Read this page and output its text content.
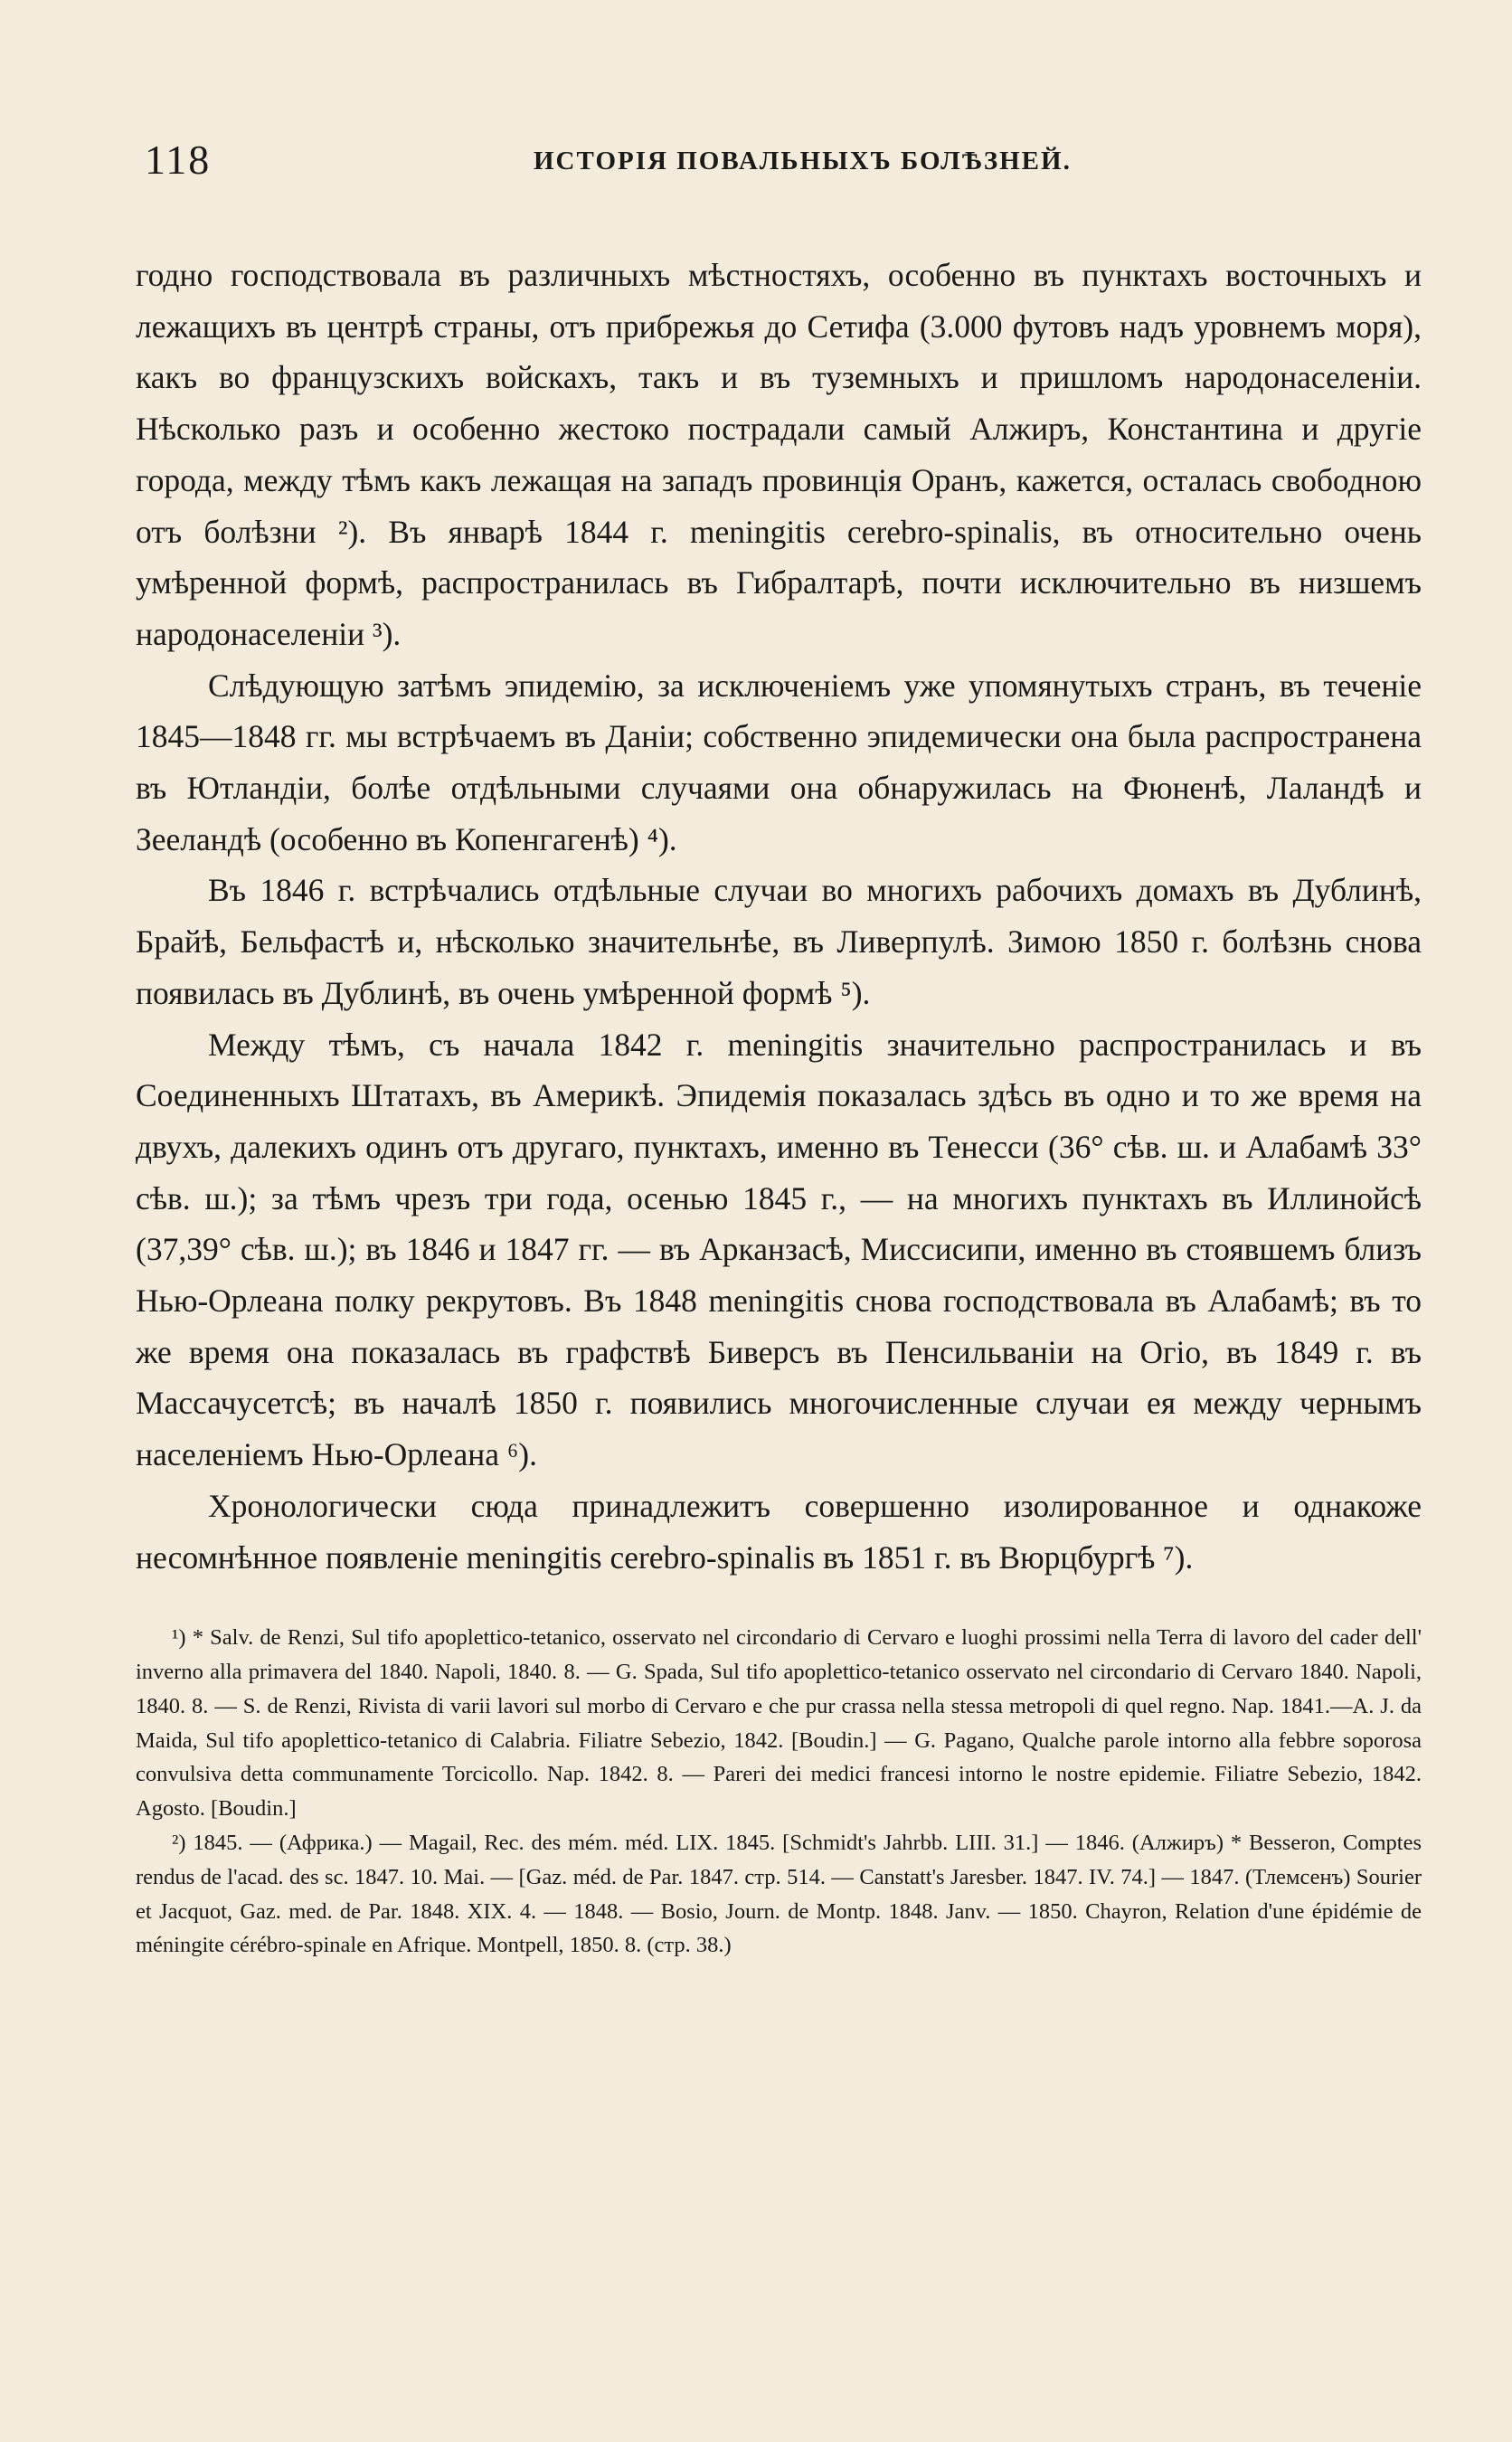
118	ИСТОРІЯ ПОВАЛЬНЫХЪ БОЛѢЗНЕЙ.

годно господствовала въ различныхъ мѣстностяхъ, особенно въ пунктахъ восточныхъ и лежащихъ въ центрѣ страны, отъ прибрежья до Сетифа (3.000 футовъ надъ уровнемъ моря), какъ во французскихъ войскахъ, такъ и въ туземныхъ и пришломъ народонаселеніи. Нѣсколько разъ и особенно жестоко пострадали самый Алжиръ, Константина и другіе города, между тѣмъ какъ лежащая на западъ провинція Оранъ, кажется, осталась свободною отъ болѣзни ²). Въ январѣ 1844 г. meningitis cerebro-spinalis, въ относительно очень умѣренной формѣ, распространилась въ Гибралтарѣ, почти исключительно въ низшемъ народонаселеніи ³).

Слѣдующую затѣмъ эпидемію, за исключеніемъ уже упомянутыхъ странъ, въ теченіе 1845—1848 гг. мы встрѣчаемъ въ Даніи; собственно эпидемически она была распространена въ Ютландіи, болѣе отдѣльными случаями она обнаружилась на Фюненѣ, Лаландѣ и Зееландѣ (особенно въ Копенгагенѣ) ⁴).

Въ 1846 г. встрѣчались отдѣльные случаи во многихъ рабочихъ домахъ въ Дублинѣ, Брайѣ, Бельфастѣ и, нѣсколько значительнѣе, въ Ливерпулѣ. Зимою 1850 г. болѣзнь снова появилась въ Дублинѣ, въ очень умѣренной формѣ ⁵).

Между тѣмъ, съ начала 1842 г. meningitis значительно распространилась и въ Соединенныхъ Штатахъ, въ Америкѣ. Эпидемія показалась здѣсь въ одно и то же время на двухъ, далекихъ одинъ отъ другаго, пунктахъ, именно въ Тенесси (36° сѣв. ш. и Алабамѣ 33° сѣв. ш.); за тѣмъ чрезъ три года, осенью 1845 г., — на многихъ пунктахъ въ Иллинойсѣ (37,39° сѣв. ш.); въ 1846 и 1847 гг. — въ Арканзасѣ, Миссисипи, именно въ стоявшемъ близъ Нью-Орлеана полку рекрутовъ. Въ 1848 meningitis снова господствовала въ Алабамѣ; въ то же время она показалась въ графствѣ Биверсъ въ Пенсильваніи на Огіо, въ 1849 г. въ Массачусетсѣ; въ началѣ 1850 г. появились многочисленные случаи ея между чернымъ населеніемъ Нью-Орлеана ⁶).

Хронологически сюда принадлежитъ совершенно изолированное и однакоже несомнѣнное появленіе meningitis cerebro-spinalis въ 1851 г. въ Вюрцбургѣ ⁷).

¹) * Salv. de Renzi, Sul tifo apoplettico-tetanico, osservato nel circondario di Cervaro e luoghi prossimi nella Terra di lavoro del cader dell' inverno alla primavera del 1840. Napoli, 1840. 8. — G. Spada, Sul tifo apoplettico-tetanico osservato nel circondario di Cervaro 1840. Napoli, 1840. 8. — S. de Renzi, Rivista di varii lavori sul morbo di Cervaro e che pur crassa nella stessa metropoli di quel regno. Nap. 1841.—A. J. da Maida, Sul tifo apoplettico-tetanico di Calabria. Filiatre Sebezio, 1842. [Boudin.] — G. Pagano, Qualche parole intorno alla febbre soporosa convulsiva detta communamente Torcicollo. Nap. 1842. 8. — Parerі dei medici francesi intorno le nostre epidemie. Filiatre Sebezio, 1842. Agosto. [Boudin.]

²) 1845. — (Африка.) — Magail, Rec. des mém. méd. LIX. 1845. [Schmidt's Jahrbb. LIII. 31.] — 1846. (Алжиръ) * Besseron, Comptes rendus de l'acad. des sc. 1847. 10. Mai. — [Gaz. méd. de Par. 1847. стр. 514. — Canstatt's Jaresber. 1847. IV. 74.] — 1847. (Тлемсенъ) Sourier et Jacquot, Gaz. med. de Par. 1848. XIX. 4. — 1848. — Bosio, Journ. de Montp. 1848. Janv. — 1850. Chayron, Relation d'une épidémie de méningite cérébro-spinale en Afrique. Montpell, 1850. 8. (стр. 38.)
